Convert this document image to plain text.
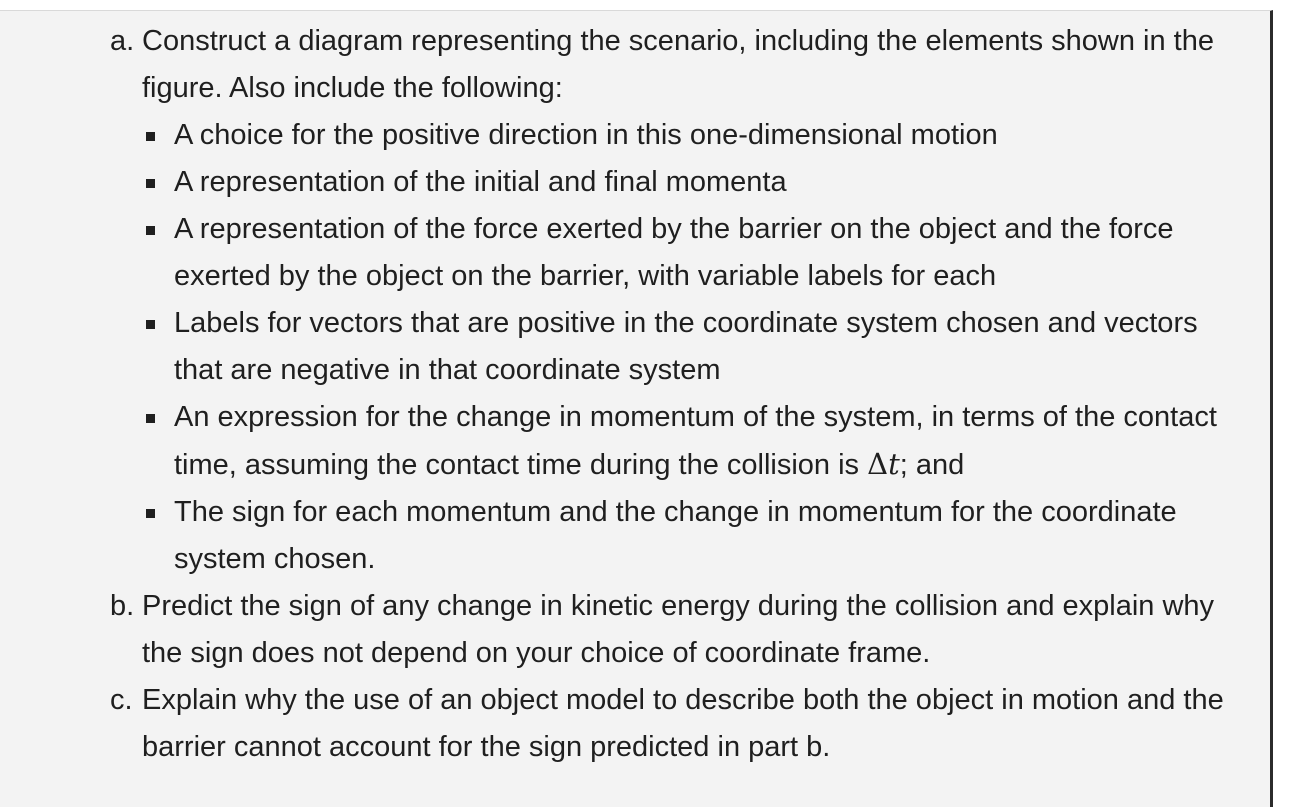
a. Construct a diagram representing the scenario, including the elements shown in the figure. Also include the following:
A choice for the positive direction in this one-dimensional motion
A representation of the initial and final momenta
A representation of the force exerted by the barrier on the object and the force exerted by the object on the barrier, with variable labels for each
Labels for vectors that are positive in the coordinate system chosen and vectors that are negative in that coordinate system
An expression for the change in momentum of the system, in terms of the contact time, assuming the contact time during the collision is Δt; and
The sign for each momentum and the change in momentum for the coordinate system chosen.
b. Predict the sign of any change in kinetic energy during the collision and explain why the sign does not depend on your choice of coordinate frame.
c. Explain why the use of an object model to describe both the object in motion and the barrier cannot account for the sign predicted in part b.
